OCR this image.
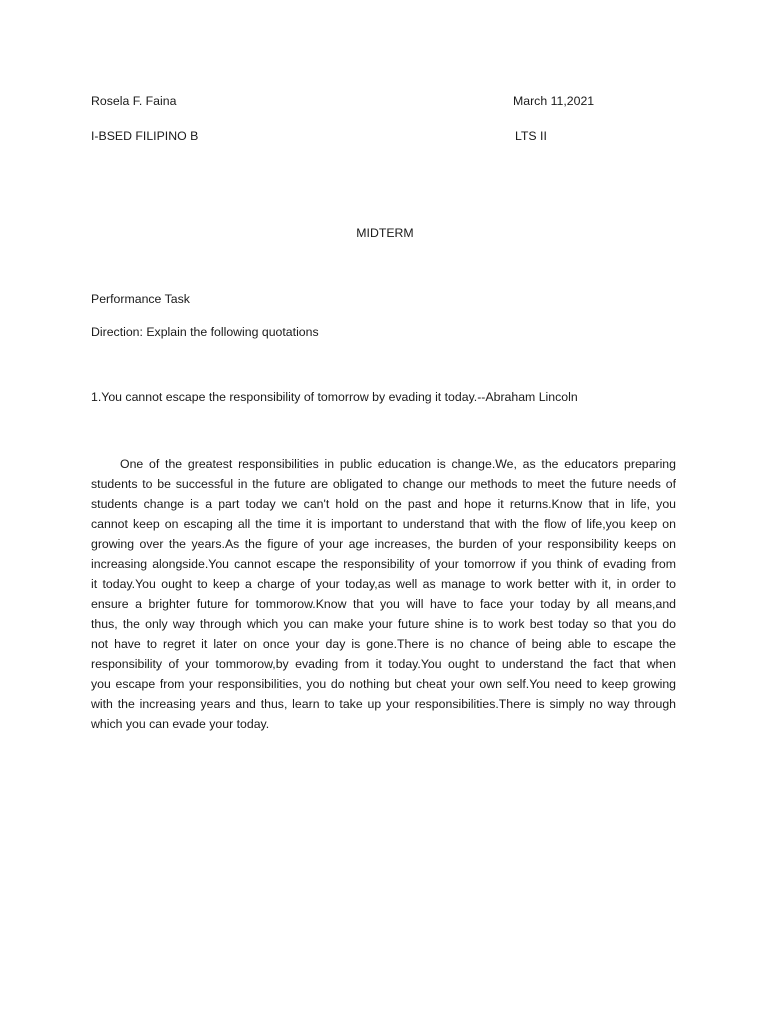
Rosela F. Faina	March 11,2021
I-BSED FILIPINO B	LTS II
MIDTERM
Performance Task
Direction: Explain the following quotations
1.You cannot escape the responsibility of tomorrow by evading it today.--Abraham Lincoln
One of the greatest responsibilities in public education is change.We, as the educators preparing
students to be successful in the future are obligated to change our methods to meet the future needs of
students change is a part today we can't hold on the past and hope it returns.Know that in life, you
cannot keep on escaping all the time it is important to understand that with the flow of life,you keep on
growing over the years.As the figure of your age increases, the burden of your responsibility keeps on
increasing alongside.You cannot escape the responsibility of your tomorrow if you think of evading from
it today.You ought to keep a charge of your today,as well as manage to work better with it, in order to
ensure a brighter future for tommorow.Know that you will have to face your today by all means,and
thus, the only way through which you can make your future shine is to work best today so that you do
not have to regret it later on once your day is gone.There is no chance of being able to escape the
responsibility of your tommorow,by evading from it today.You ought to understand the fact that when
you escape from your responsibilities, you do nothing but cheat your own self.You need to keep growing
with the increasing years and thus, learn to take up your responsibilities.There is simply no way through
which you can evade your today.
